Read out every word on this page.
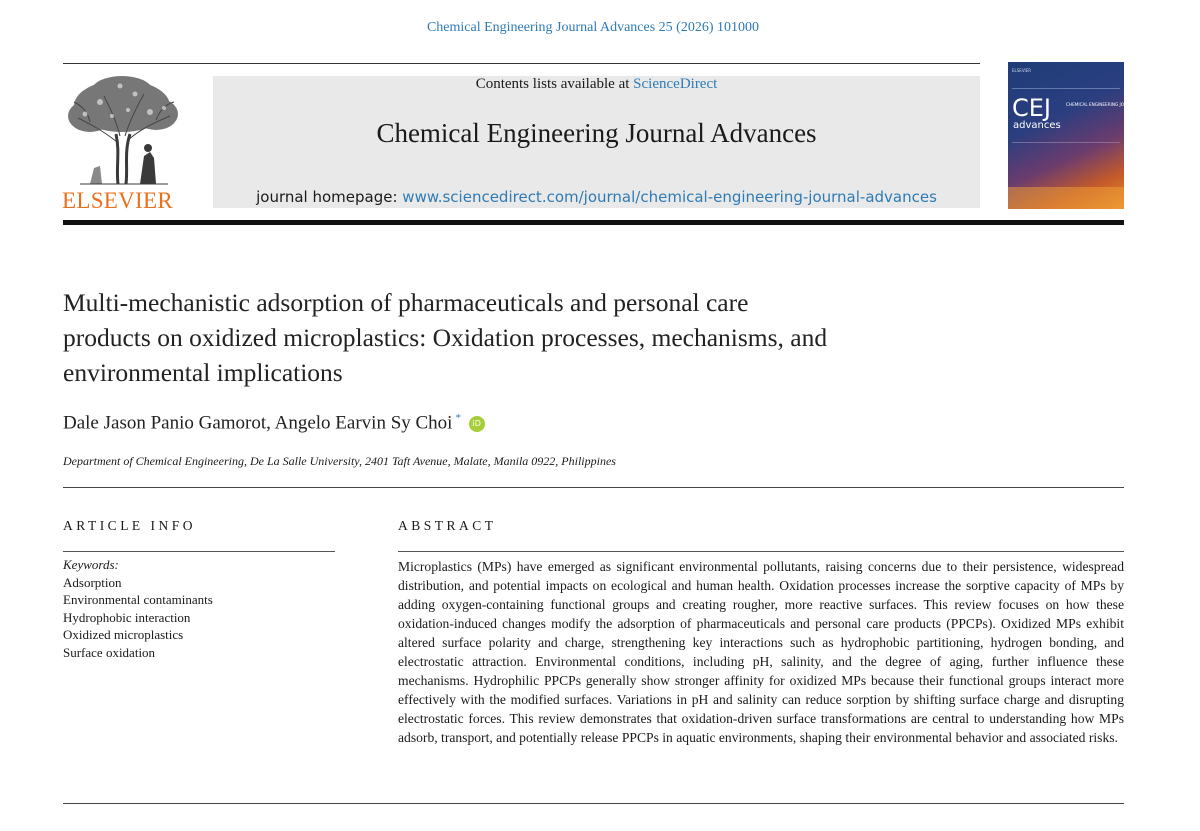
Chemical Engineering Journal Advances 25 (2026) 101000
ELSEVIER
Contents lists available at ScienceDirect
Chemical Engineering Journal Advances
journal homepage: www.sciencedirect.com/journal/chemical-engineering-journal-advances
ELSEVIER
CEJ	CHEMICAL ENGINEERING JOURNAL
advances
Multi-mechanistic adsorption of pharmaceuticals and personal care
products on oxidized microplastics: Oxidation processes, mechanisms, and
environmental implications
Dale Jason Panio Gamorot, Angelo Earvin Sy Choi * iD
Department of Chemical Engineering, De La Salle University, 2401 Taft Avenue, Malate, Manila 0922, Philippines
ARTICLE INFO	ABSTRACT
Keywords:
Adsorption
Environmental contaminants
Hydrophobic interaction
Oxidized microplastics
Surface oxidation
Microplastics (MPs) have emerged as significant environmental pollutants, raising concerns due to their persistence, widespread distribution, and potential impacts on ecological and human health. Oxidation processes increase the sorptive capacity of MPs by adding oxygen-containing functional groups and creating rougher, more reactive surfaces. This review focuses on how these oxidation-induced changes modify the adsorption of pharmaceuticals and personal care products (PPCPs). Oxidized MPs exhibit altered surface polarity and charge, strengthening key interactions such as hydrophobic partitioning, hydrogen bonding, and electrostatic attraction. Environmental conditions, including pH, salinity, and the degree of aging, further influence these mechanisms. Hydrophilic PPCPs generally show stronger affinity for oxidized MPs because their functional groups interact more effectively with the modified surfaces. Variations in pH and salinity can reduce sorption by shifting surface charge and disrupting electrostatic forces. This review demonstrates that oxidation-driven surface transformations are central to understanding how MPs adsorb, transport, and potentially release PPCPs in aquatic environments, shaping their environmental behavior and associated risks.
